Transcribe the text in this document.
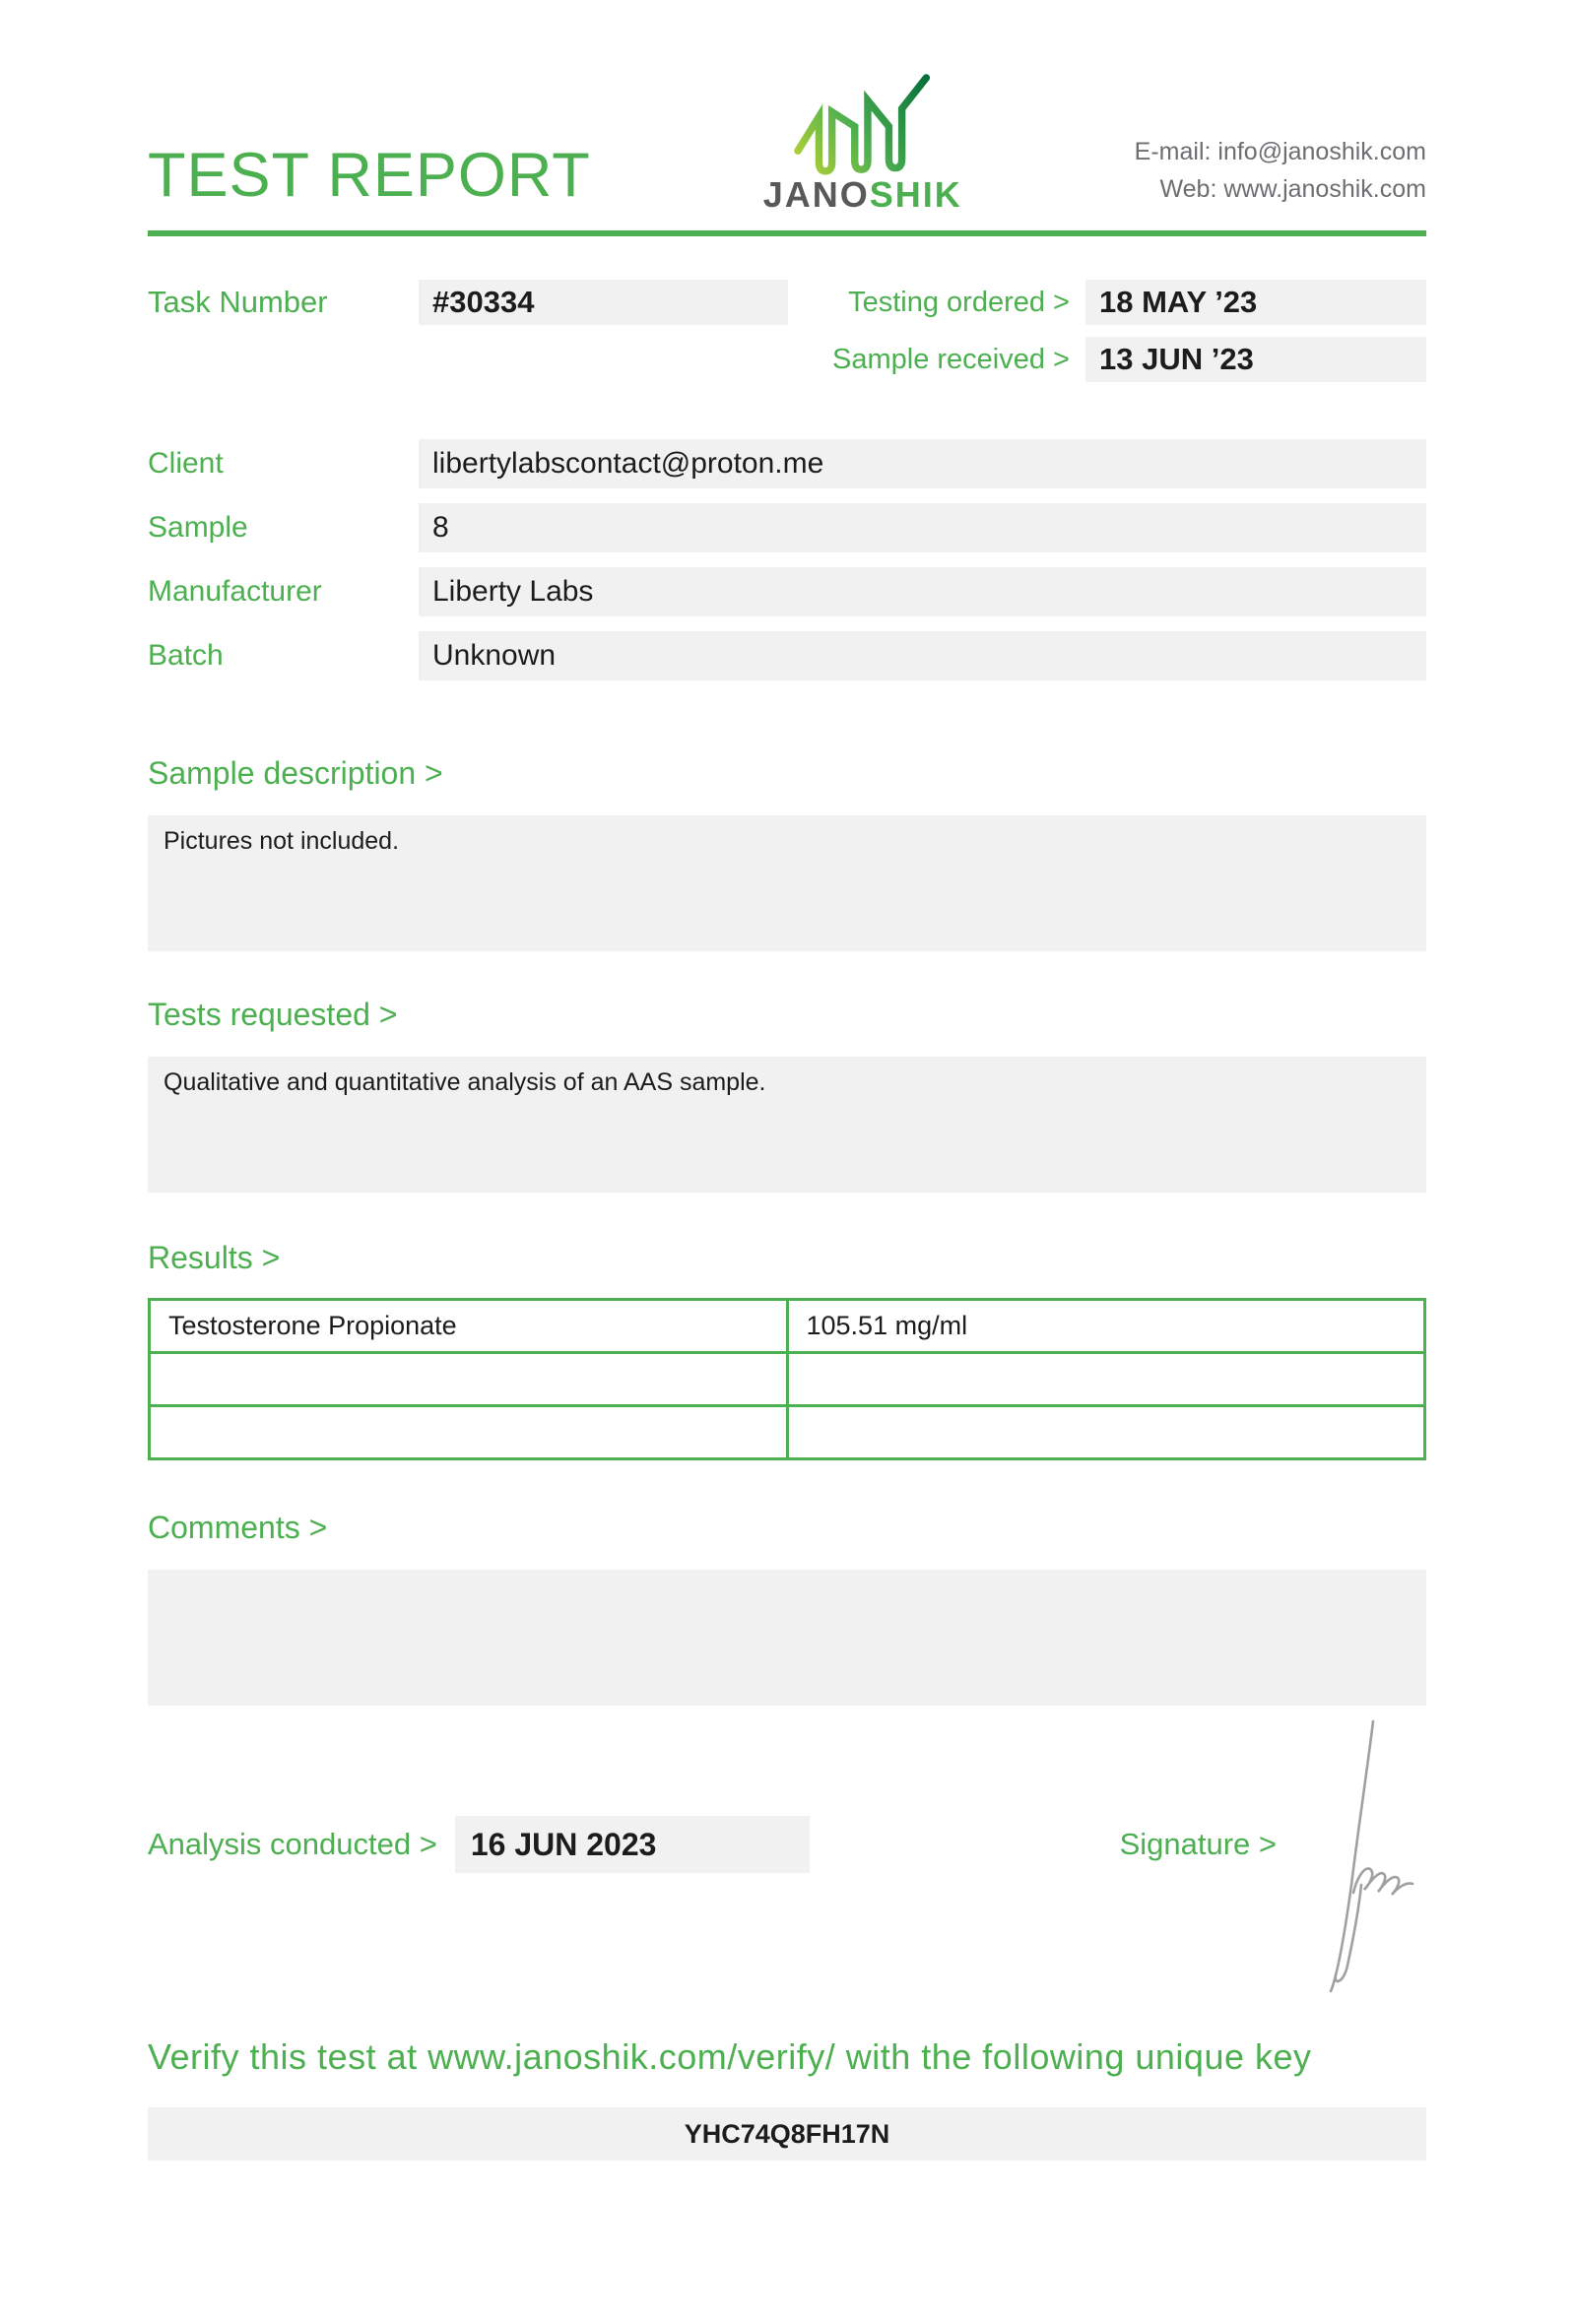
TEST REPORT	JANOSHIK
E-mail: info@janoshik.com
Web: www.janoshik.com
Task Number	#30334	Testing ordered > 18 MAY ’23
Sample received > 13 JUN ’23
Client	libertylabscontact@proton.me
Sample	8
Manufacturer	Liberty Labs
Batch	Unknown
Sample description >
Pictures not included.
Tests requested >
Qualitative and quantitative analysis of an AAS sample.
Results >
Testosterone Propionate	105.51 mg/ml

Comments >
Analysis conducted >	16 JUN 2023	Signature >
Verify this test at www.janoshik.com/verify/ with the following unique key
YHC74Q8FH17N
